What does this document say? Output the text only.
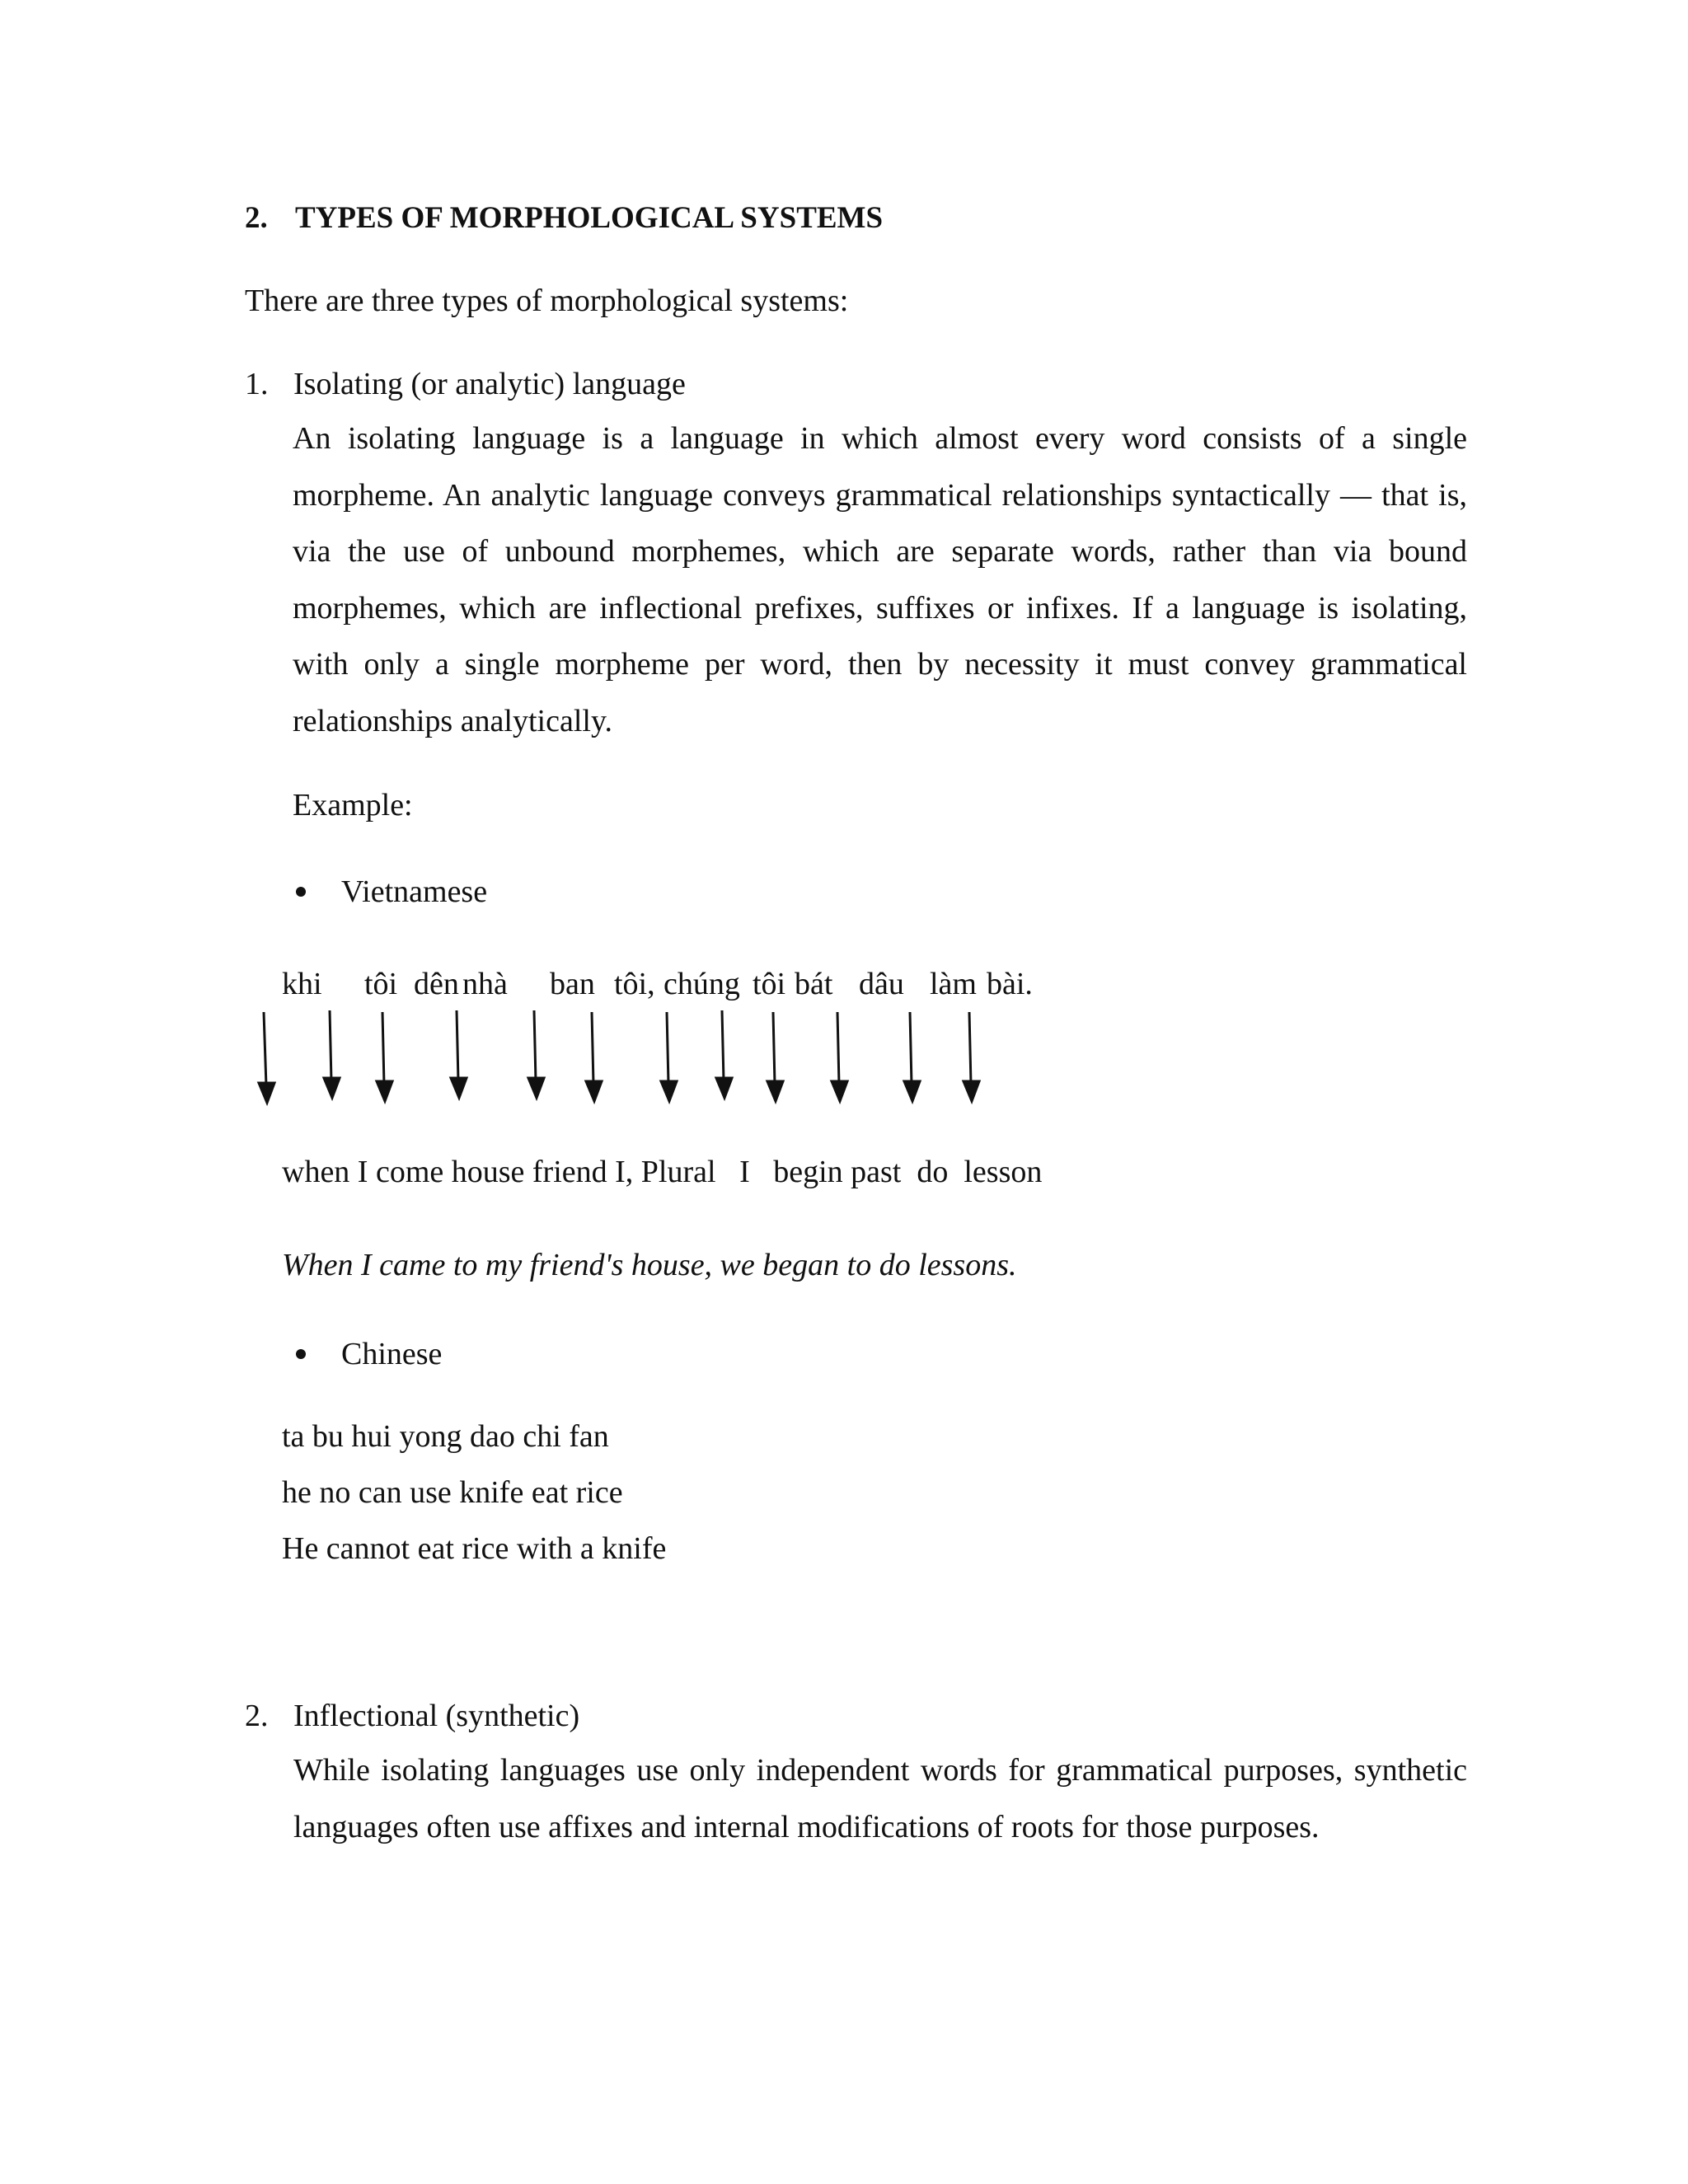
2. TYPES OF MORPHOLOGICAL SYSTEMS
There are three types of morphological systems:
1. Isolating (or analytic) language
An isolating language is a language in which almost every word consists of a single morpheme. An analytic language conveys grammatical relationships syntactically — that is, via the use of unbound morphemes, which are separate words, rather than via bound morphemes, which are inflectional prefixes, suffixes or infixes. If a language is isolating, with only a single morpheme per word, then by necessity it must convey grammatical relationships analytically.
Example:
Vietnamese
khi tôi dên nhà ban tôi, chúng tôi bát dâu làm bài.
when I come house friend I, Plural   I   begin past  do  lesson
When I came to my friend's house, we began to do lessons.
Chinese
ta bu hui yong dao chi fan
he no can use knife eat rice
He cannot eat rice with a knife
2. Inflectional (synthetic)
While isolating languages use only independent words for grammatical purposes, synthetic languages often use affixes and internal modifications of roots for those purposes.
